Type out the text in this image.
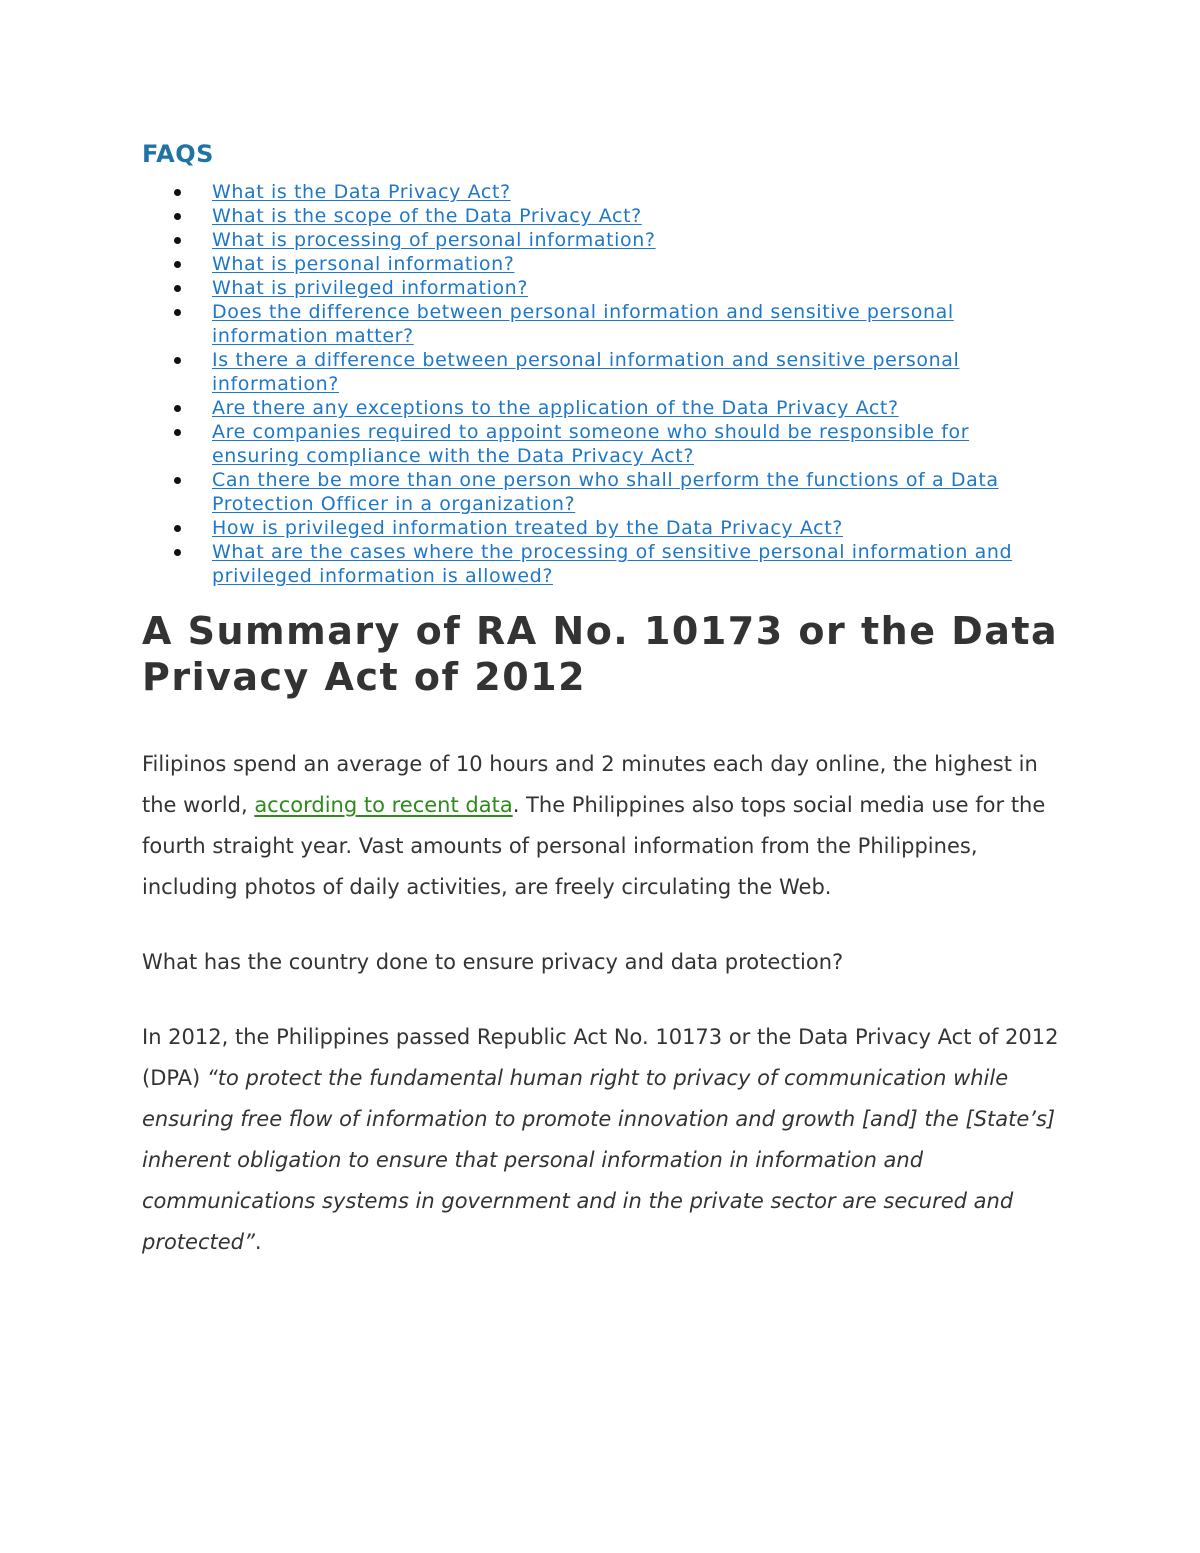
FAQS
What is the Data Privacy Act?
What is the scope of the Data Privacy Act?
What is processing of personal information?
What is personal information?
What is privileged information?
Does the difference between personal information and sensitive personal information matter?
Is there a difference between personal information and sensitive personal information?
Are there any exceptions to the application of the Data Privacy Act?
Are companies required to appoint someone who should be responsible for ensuring compliance with the Data Privacy Act?
Can there be more than one person who shall perform the functions of a Data Protection Officer in a organization?
How is privileged information treated by the Data Privacy Act?
What are the cases where the processing of sensitive personal information and privileged information is allowed?
A Summary of RA No. 10173 or the Data Privacy Act of 2012

Filipinos spend an average of 10 hours and 2 minutes each day online, the highest in the world, according to recent data. The Philippines also tops social media use for the fourth straight year. Vast amounts of personal information from the Philippines, including photos of daily activities, are freely circulating the Web.

What has the country done to ensure privacy and data protection?

In 2012, the Philippines passed Republic Act No. 10173 or the Data Privacy Act of 2012 (DPA) “to protect the fundamental human right to privacy of communication while ensuring free flow of information to promote innovation and growth [and] the [State’s] inherent obligation to ensure that personal information in information and communications systems in government and in the private sector are secured and protected”.
